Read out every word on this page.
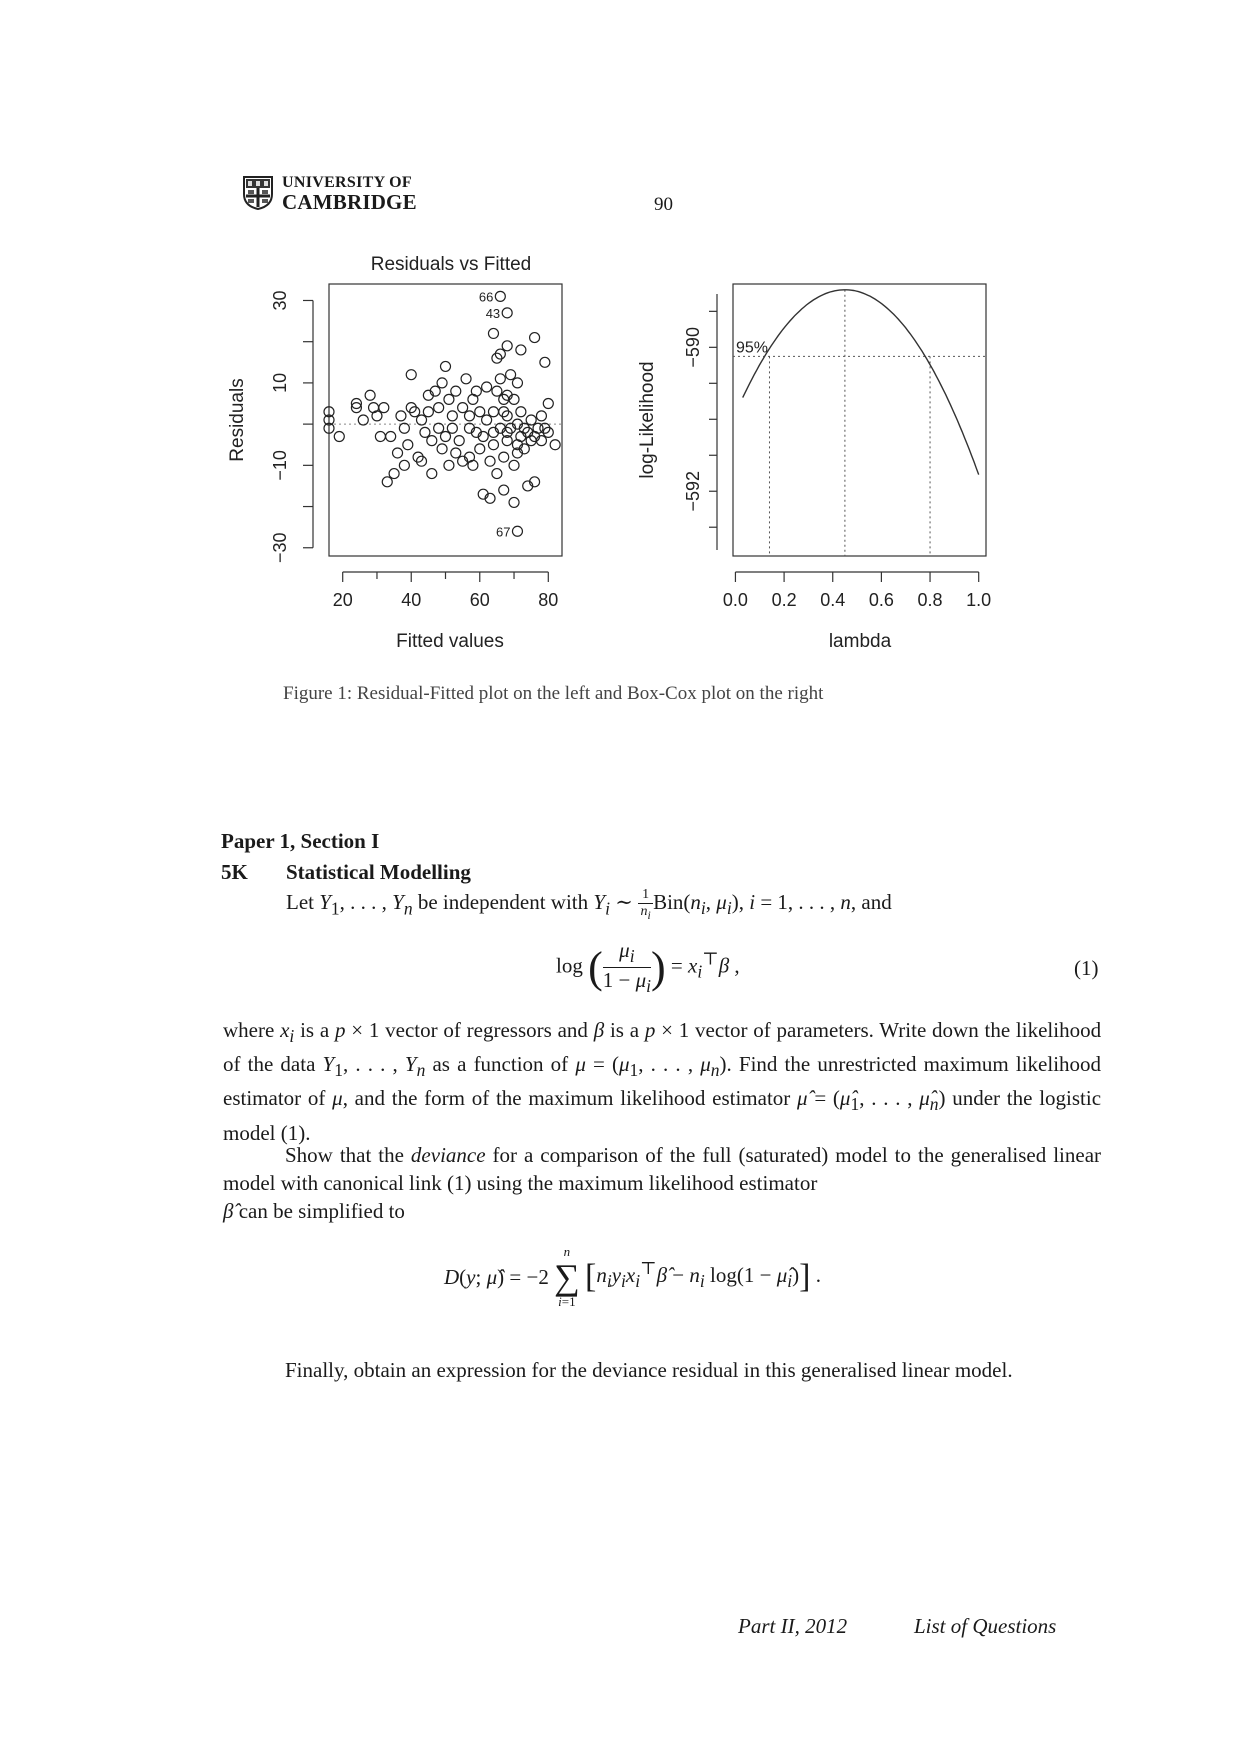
UNIVERSITY OF
CAMBRIDGE	90
Residuals vs Fitted
66
43
67
20	40	60	80
−30
−10
10
30
Fitted values
Residuals
95%
0.0 0.2 0.4 0.6 0.8 1.0
−592
−590
lambda
log-Likelihood
Figure 1: Residual-Fitted plot on the left and Box-Cox plot on the right
Paper 1, Section I
5K Statistical Modelling
Let $Y_1$, . . . , $Y_n$ be independent with $Y_i$ ∼ $\frac{1}{n_i} Bin(n_i$, $\mu_i$), i = 1, . . . , n, and
log ( $\frac{\mu_i}{1 - \mu_i}$ ) = $x_i^⊤\beta$ ,	(1)
where $x_i$ is a p × 1 vector of regressors and β is a p × 1 vector of parameters. Write down the likelihood of the data $Y_1$, . . . , $Y_n$ as a function of $\mu = (\mu_1$, . . . , $\mu_n$). Find the unrestricted maximum likelihood estimator of μ, and the form of the maximum likelihood estimator μ̂ = ($\mû_1$, . . . , $\mû_n$) under the logistic model (1).
Show that the deviance for a comparison of the full (saturated) model to the generalised linear model with canonical link (1) using the maximum likelihood estimator
β̂ can be simplified to
D(y; μ̂) = −2
n
∑
i=1
[$n_iy_ix_i^⊤\betâ - n_i$ $\log(1 - \mû_i)$] .
Finally, obtain an expression for the deviance residual in this generalised linear model.
Part II, 2012	List of Questions
